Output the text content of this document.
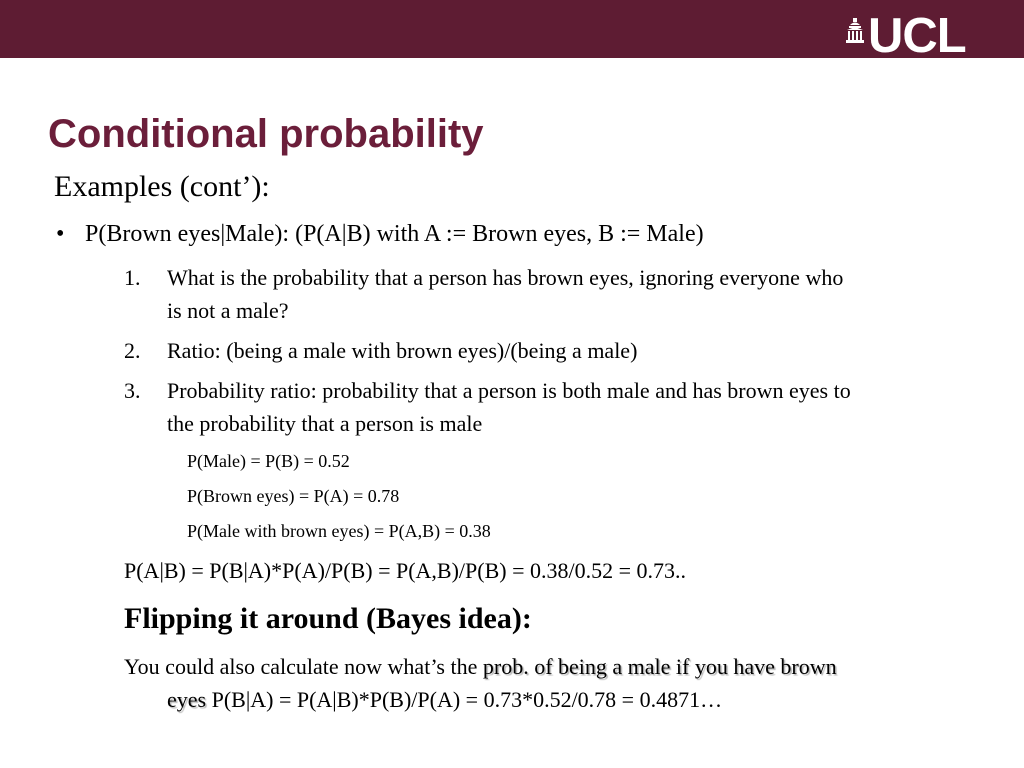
UCL
Conditional probability
Examples (cont’):
• P(Brown eyes|Male): (P(A|B) with A := Brown eyes, B := Male)
1. What is the probability that a person has brown eyes, ignoring everyone who
is not a male?
2. Ratio: (being a male with brown eyes)/(being a male)
3. Probability ratio: probability that a person is both male and has brown eyes to
the probability that a person is male
P(Male) = P(B) = 0.52
P(Brown eyes) = P(A) = 0.78
P(Male with brown eyes) = P(A,B) = 0.38
P(A|B) = P(B|A)*P(A)/P(B) = P(A,B)/P(B) = 0.38/0.52 = 0.73..
Flipping it around (Bayes idea):
You could also calculate now what’s the prob. of being a male if you have brown
eyes P(B|A) = P(A|B)*P(B)/P(A) = 0.73*0.52/0.78 = 0.4871…
